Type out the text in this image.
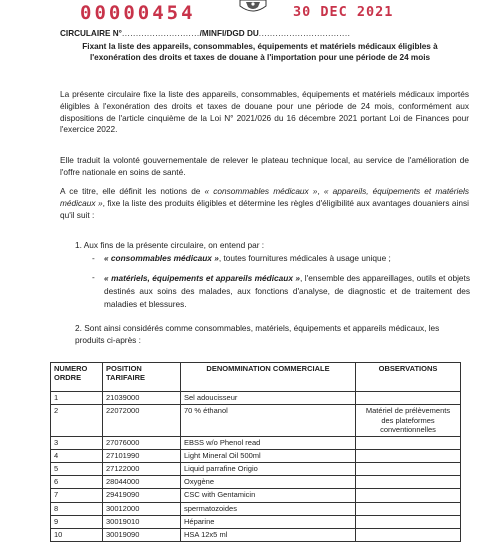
00000454	30 DEC 2021
CIRCULAIRE N°............................/MINFI/DGD DU.................................
Fixant la liste des appareils, consommables, équipements et matériels médicaux éligibles à l'exonération des droits et taxes de douane à l'importation pour une période de 24 mois
La présente circulaire fixe la liste des appareils, consommables, équipements et matériels médicaux importés éligibles à l'exonération des droits et taxes de douane pour une période de 24 mois, conformément aux dispositions de l'article cinquième de la Loi N° 2021/026 du 16 décembre 2021 portant Loi de Finances pour l'exercice 2022.
Elle traduit la volonté gouvernementale de relever le plateau technique local, au service de l'amélioration de l'offre nationale en soins de santé.
A ce titre, elle définit les notions de « consommables médicaux », « appareils, équipements et matériels médicaux », fixe la liste des produits éligibles et détermine les règles d'éligibilité aux avantages douaniers ainsi qu'il suit :
1. Aux fins de la présente circulaire, on entend par :
- « consommables médicaux », toutes fournitures médicales à usage unique ;
- « matériels, équipements et appareils médicaux », l'ensemble des appareillages, outils et objets destinés aux soins des malades, aux fonctions d'analyse, de diagnostic et de traitement des maladies et blessures.
2. Sont ainsi considérés comme consommables, matériels, équipements et appareils médicaux, les produits ci-après :
NUMERO ORDRE	POSITION TARIFAIRE	DENOMMINATION COMMERCIALE	OBSERVATIONS
1	21039000	Sel adoucisseur	
2	22072000	70 % éthanol	Matériel de prélèvements des plateformes conventionnelles
3	27076000	EBSS w/o Phenol read	
4	27101990	Light Mineral Oil 500ml	
5	27122000	Liquid parrafine Origio	
6	28044000	Oxygène	
7	29419090	CSC with Gentamicin	
8	30012000	spermatozoides	
9	30019010	Héparine	
10	30019090	HSA 12x5 ml	
